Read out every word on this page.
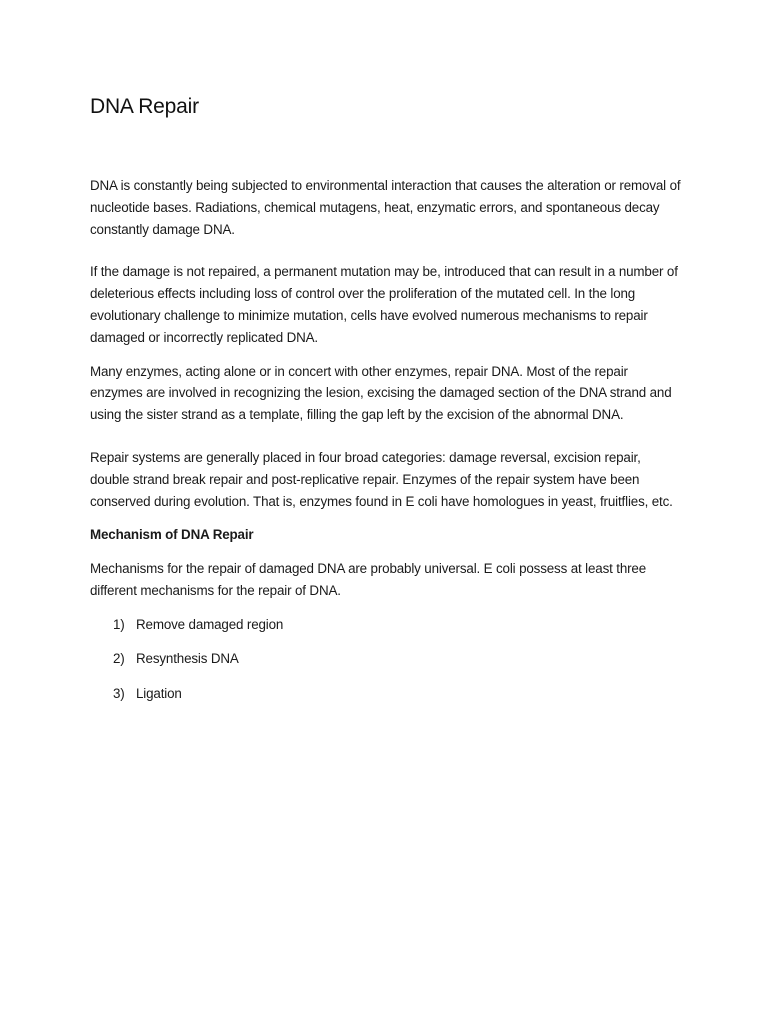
DNA Repair

DNA is constantly being subjected to environmental interaction that causes the alteration or removal of nucleotide bases. Radiations, chemical mutagens, heat, enzymatic errors, and spontaneous decay constantly damage DNA.

If the damage is not repaired, a permanent mutation may be, introduced that can result in a number of deleterious effects including loss of control over the proliferation of the mutated cell. In the long evolutionary challenge to minimize mutation, cells have evolved numerous mechanisms to repair damaged or incorrectly replicated DNA.

Many enzymes, acting alone or in concert with other enzymes, repair DNA. Most of the repair enzymes are involved in recognizing the lesion, excising the damaged section of the DNA strand and using the sister strand as a template, filling the gap left by the excision of the abnormal DNA.

Repair systems are generally placed in four broad categories: damage reversal, excision repair, double strand break repair and post-replicative repair. Enzymes of the repair system have been conserved during evolution. That is, enzymes found in E coli have homologues in yeast, fruitflies, etc.

Mechanism of DNA Repair

Mechanisms for the repair of damaged DNA are probably universal. E coli possess at least three different mechanisms for the repair of DNA.

1) Remove damaged region
2) Resynthesis DNA
3) Ligation
